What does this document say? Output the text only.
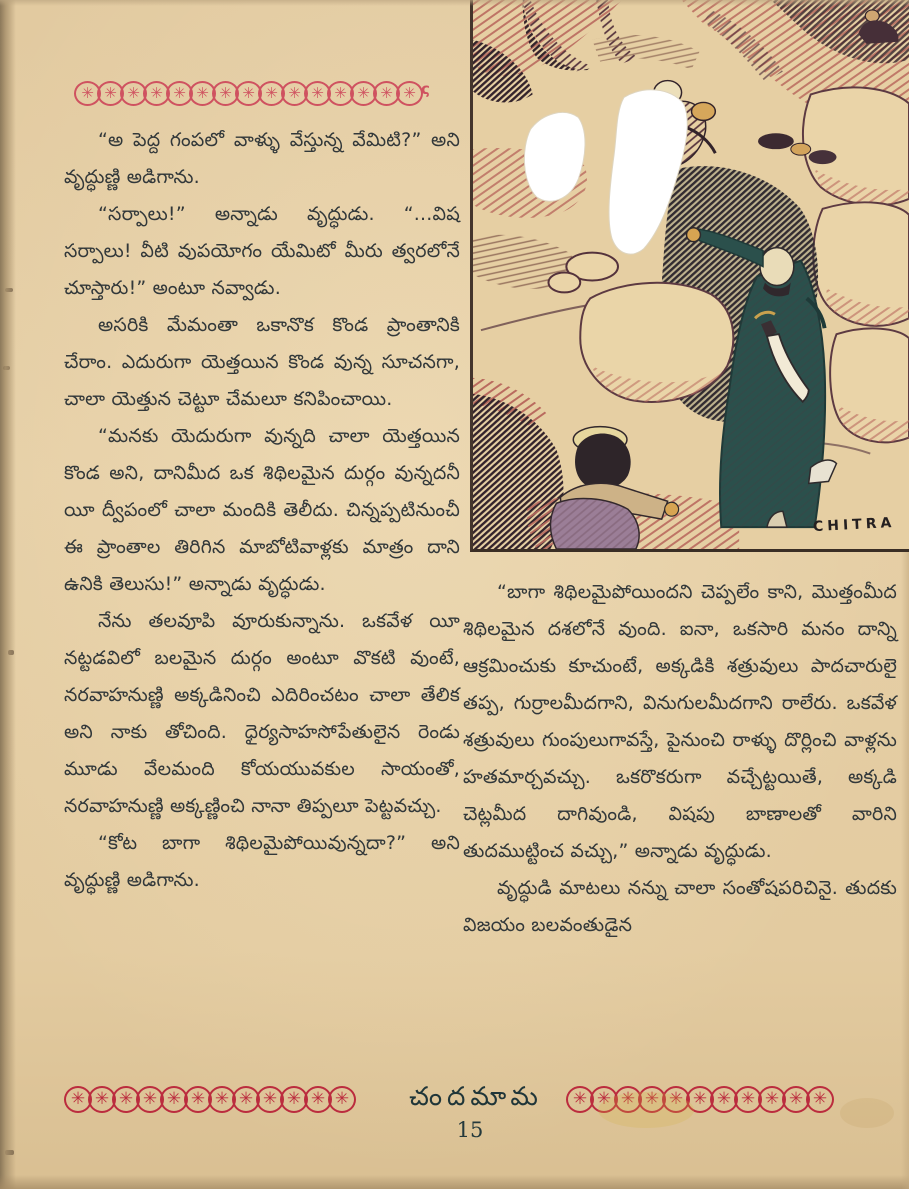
CHITRA
✳
✳
✳
✳
✳
✳
✳
✳
✳
✳
✳
✳
✳
✳
✳
ς

“అ పెద్ద గంపలో వాళ్ళు వేస్తున్న వేమిటి?” అని వృద్ధుణ్ణి అడిగాను.

“సర్పాలు!” అన్నాడు వృద్ధుడు. “...విష సర్పాలు! వీటి వుపయోగం యేమిటో మీరు త్వరలోనే చూస్తారు!” అంటూ నవ్వాడు.

అసరికి మేమంతా ఒకానొక కొండ ప్రాంతానికి చేరాం. ఎదురుగా యెత్తయిన కొండ వున్న సూచనగా, చాలా యెత్తున చెట్టూ చేమలూ కనిపించాయి.

“మనకు యెదురుగా వున్నది చాలా యెత్తయిన కొండ అని, దానిమీద ఒక శిథిలమైన దుర్గం వున్నదనీ యీ ద్వీపంలో చాలా మందికి తెలీదు. చిన్నప్పటినుంచీ ఈ ప్రాంతాల తిరిగిన మాబోటివాళ్లకు మాత్రం దాని ఉనికి తెలుసు!” అన్నాడు వృద్ధుడు.

నేను తలవూపి వూరుకున్నాను. ఒకవేళ యీ నట్టడవిలో బలమైన దుర్గం అంటూ వొకటి వుంటే, నరవాహనుణ్ణి అక్కడినించి ఎదిరించటం చాలా తేలిక అని నాకు తోచింది. ధైర్యసాహసోపేతులైన రెండు మూడు వేలమంది కోయయువకుల సాయంతో, నరవాహనుణ్ణి అక్కణ్ణించి నానా తిప్పలూ పెట్టవచ్చు.

“కోట బాగా శిథిలమైపోయివున్నదా?” అని వృద్ధుణ్ణి అడిగాను.

“బాగా శిథిలమైపోయిందని చెప్పలేం కాని, మొత్తంమీద శిథిలమైన దశలోనే వుంది. ఐనా, ఒకసారి మనం దాన్ని ఆక్రమించుకు కూచుంటే, అక్కడికి శత్రువులు పాదచారులై తప్ప, గుర్రాలమీదగాని, వినుగులమీదగాని రాలేరు. ఒకవేళ శత్రువులు గుంపులుగావస్తే, పైనుంచి రాళ్ళు దొర్లించి వాళ్లను హతమార్చవచ్చు. ఒకరొకరుగా వచ్చేట్టయితే, అక్కడి చెట్లమీద దాగివుండి, విషపు బాణాలతో వారిని తుదముట్టించ వచ్చు,” అన్నాడు వృద్ధుడు.

వృద్ధుడి మాటలు నన్ను చాలా సంతోషపరిచినై. తుదకు విజయం బలవంతుడైన

✳
✳
✳
✳
✳
✳
✳
✳
✳
✳
✳
✳
చందమామ
✳
✳
✳
✳
✳
✳
✳
✳
✳
✳
✳
15
